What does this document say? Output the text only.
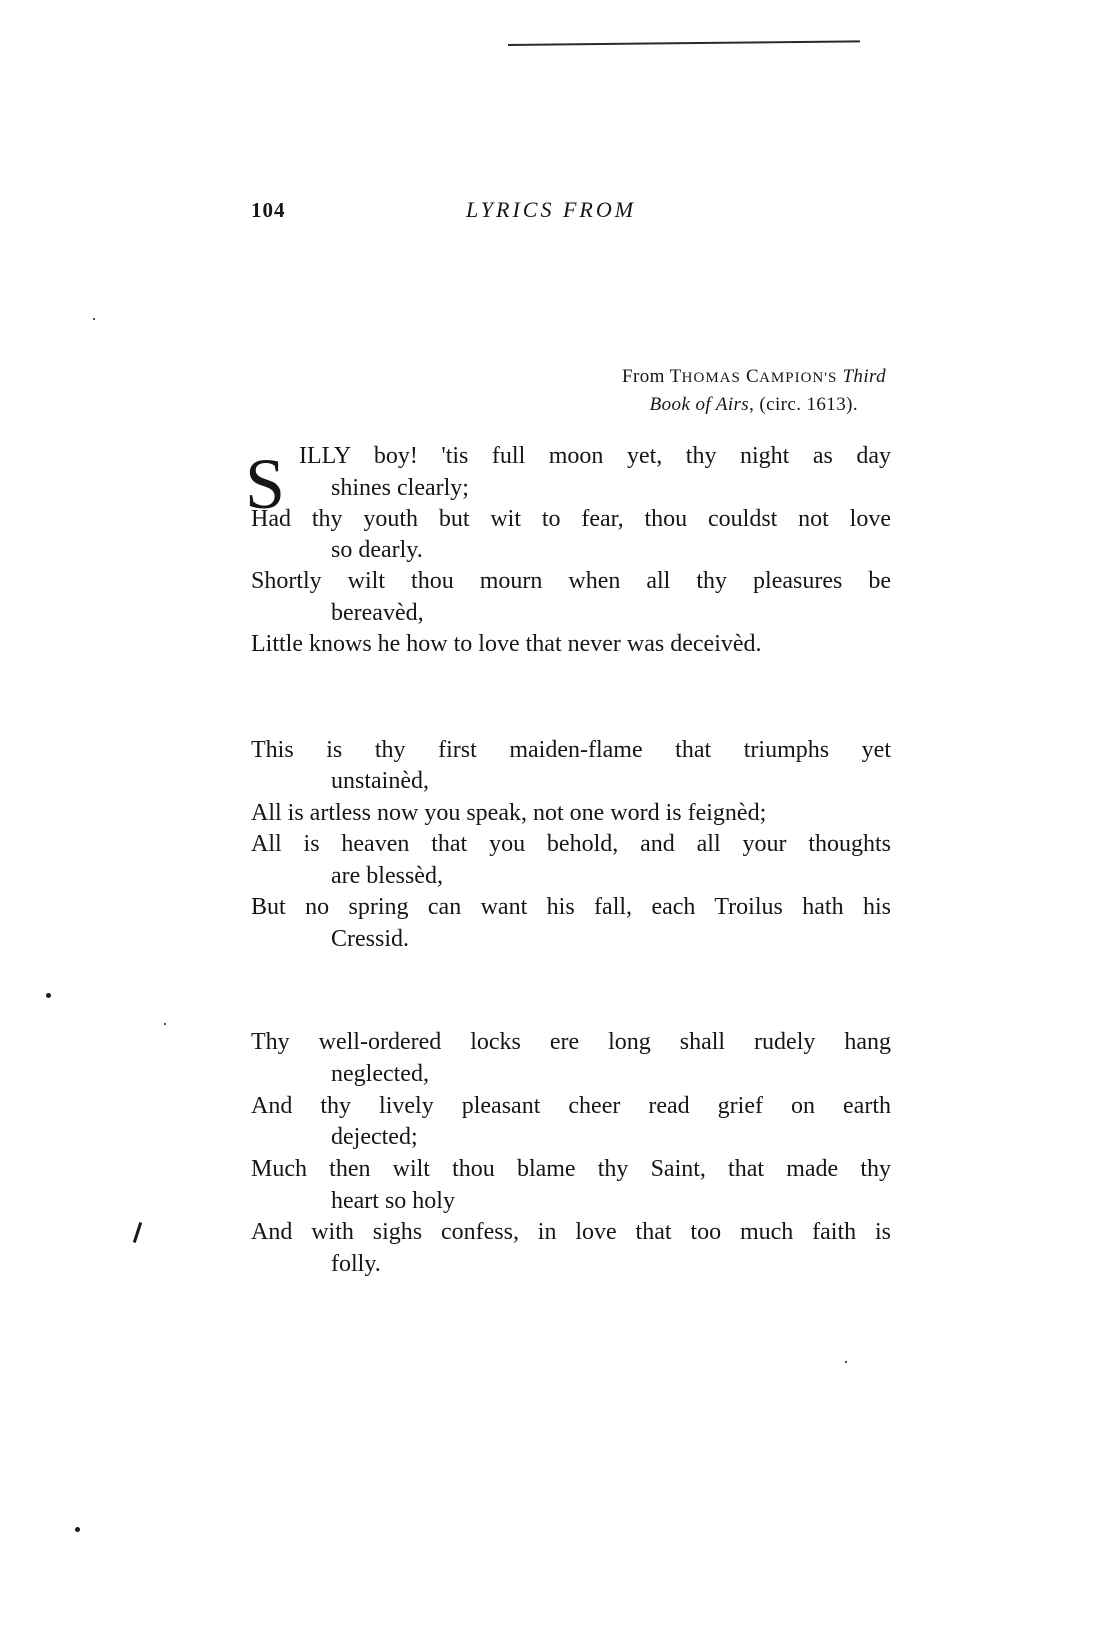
104	LYRICS FROM
From THOMAS CAMPION'S Third
Book of Airs, (circ. 1613).
S ILLY boy! 'tis full moon yet, thy night as day
shines clearly;
Had thy youth but wit to fear, thou couldst not love
so dearly.
Shortly wilt thou mourn when all thy pleasures be
bereavèd,
Little knows he how to love that never was deceivèd.
This is thy first maiden-flame that triumphs yet
unstainèd,
All is artless now you speak, not one word is feignèd;
All is heaven that you behold, and all your thoughts
are blessèd,
But no spring can want his fall, each Troilus hath his
Cressid.
Thy well-ordered locks ere long shall rudely hang
neglected,
And thy lively pleasant cheer read grief on earth
dejected;
Much then wilt thou blame thy Saint, that made thy
heart so holy
And with sighs confess, in love that too much faith is
folly.
